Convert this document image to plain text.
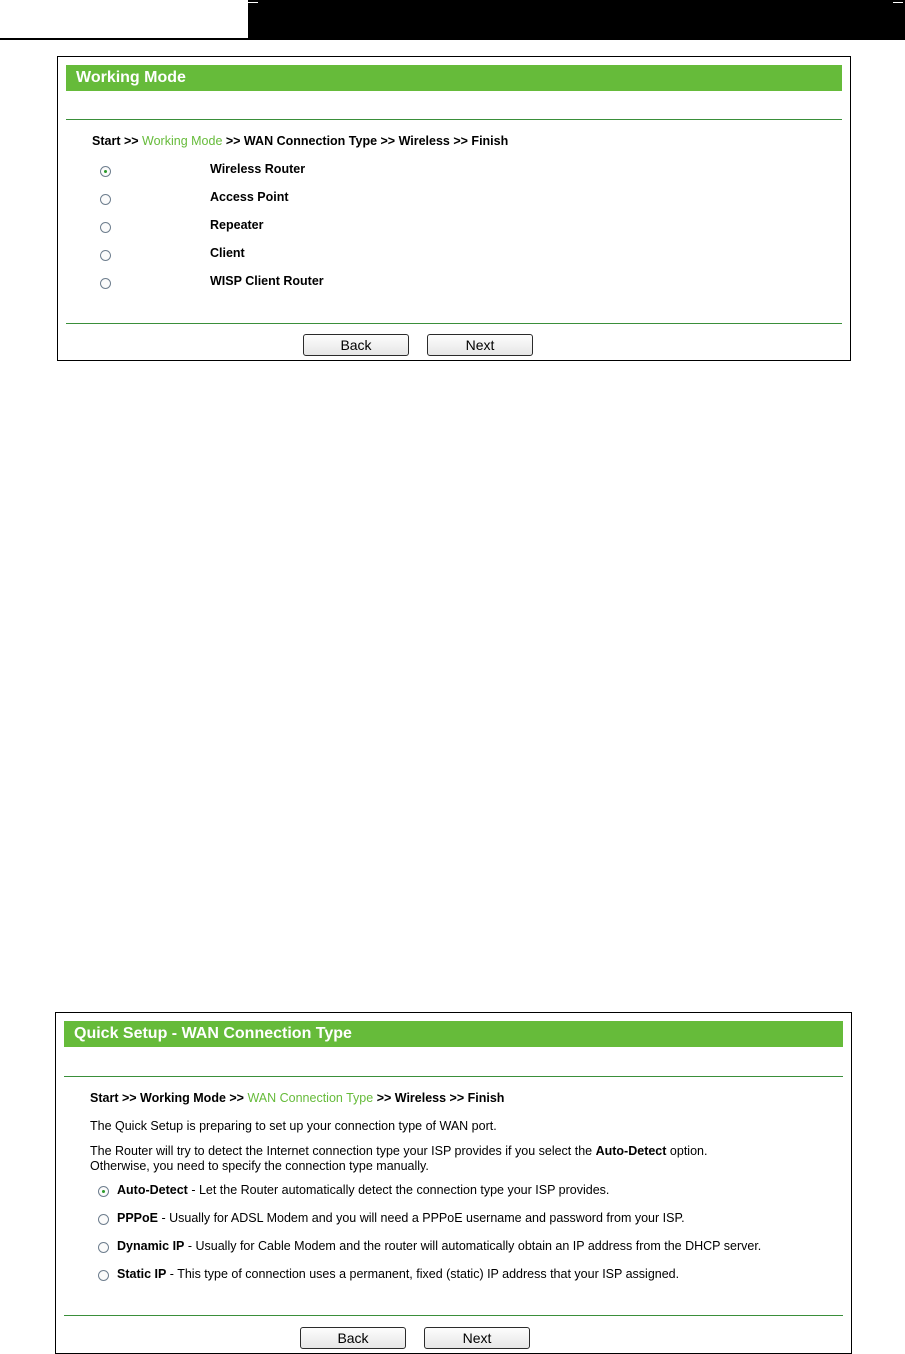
Working Mode
Start >> Working Mode >> WAN Connection Type >> Wireless >> Finish
Wireless Router
Access Point
Repeater
Client
WISP Client Router
Back	Next
Quick Setup - WAN Connection Type
Start >> Working Mode >> WAN Connection Type >> Wireless >> Finish
The Quick Setup is preparing to set up your connection type of WAN port.
The Router will try to detect the Internet connection type your ISP provides if you select the Auto-Detect option.
Otherwise, you need to specify the connection type manually.
Auto-Detect - Let the Router automatically detect the connection type your ISP provides.
PPPoE - Usually for ADSL Modem and you will need a PPPoE username and password from your ISP.
Dynamic IP - Usually for Cable Modem and the router will automatically obtain an IP address from the DHCP server.
Static IP - This type of connection uses a permanent, fixed (static) IP address that your ISP assigned.
Back	Next
